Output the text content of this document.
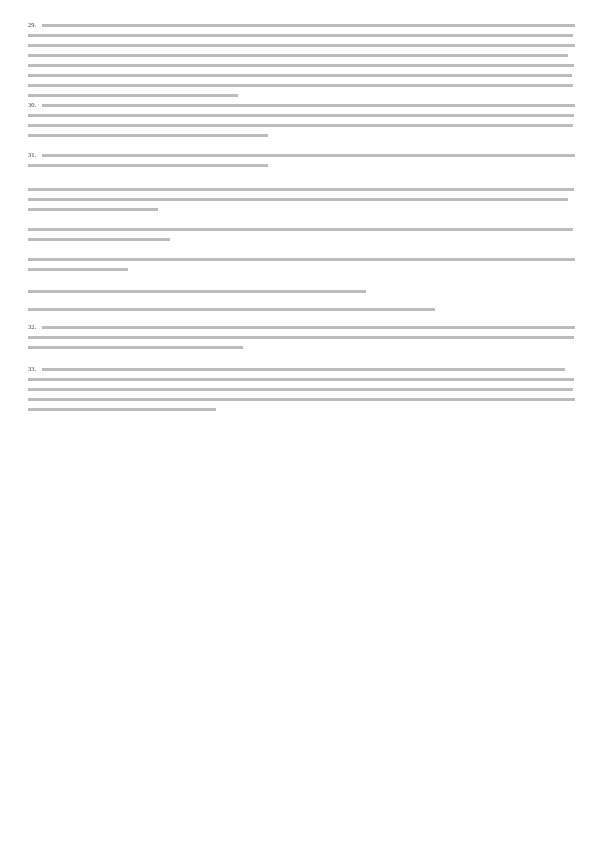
29.
30.
31.
32.
33.
